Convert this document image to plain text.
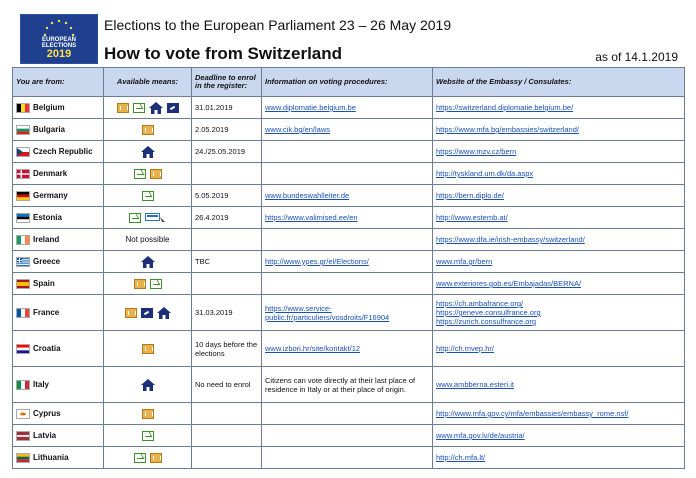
EUROPEAN
ELECTIONS
2019
Elections to the European Parliament 23 – 26 May 2019
How to vote from Switzerland	as of 14.1.2019
You are from:	Available means:	Deadline to enrol in the register:	Information on voting procedures:	Website of the Embassy / Consulates:
Belgium		31.01.2019	www.diplomatie.belgium.be	https://switzerland.diplomatie.belgium.be/
Bulgaria		2.05.2019	www.cik.bg/en/laws	https://www.mfa.bg/embassies/switzerland/
Czech Republic		24./25.05.2019		https://www.mzv.cz/bern
Denmark				http://tyskland.um.dk/da.aspx
Germany		5.05.2019	www.bundeswahlleiter.de	https://bern.diplo.de/
Estonia		26.4.2019	https://www.valimised.ee/en	http://www.estemb.at/
Ireland	Not possible			https://www.dfa.ie/irish-embassy/switzerland/
Greece		TBC	http://www.ypes.gr/el/Elections/	www.mfa.gr/bern
Spain				www.exteriores.gob.es/Embajadas/BERNA/
France		31.03.2019	https://www.service-public.fr/particuliers/vosdroits/F16904	https://ch.ambafrance.org/
https://geneve.consulfrance.org
https://zurich.consulfrance.org
Croatia		10 days before the elections	www.izbori.hr/site/kontakt/12	http://ch.mvep.hr/
Italy		No need to enrol	Citizens can vote directly at their last place of residence in Italy or at their place of origin.	www.ambberna.esteri.it
Cyprus				http://www.mfa.gov.cy/mfa/embassies/embassy_rome.nsf/
Latvia				www.mfa.gov.lv/de/austria/
Lithuania				http://ch.mfa.lt/
